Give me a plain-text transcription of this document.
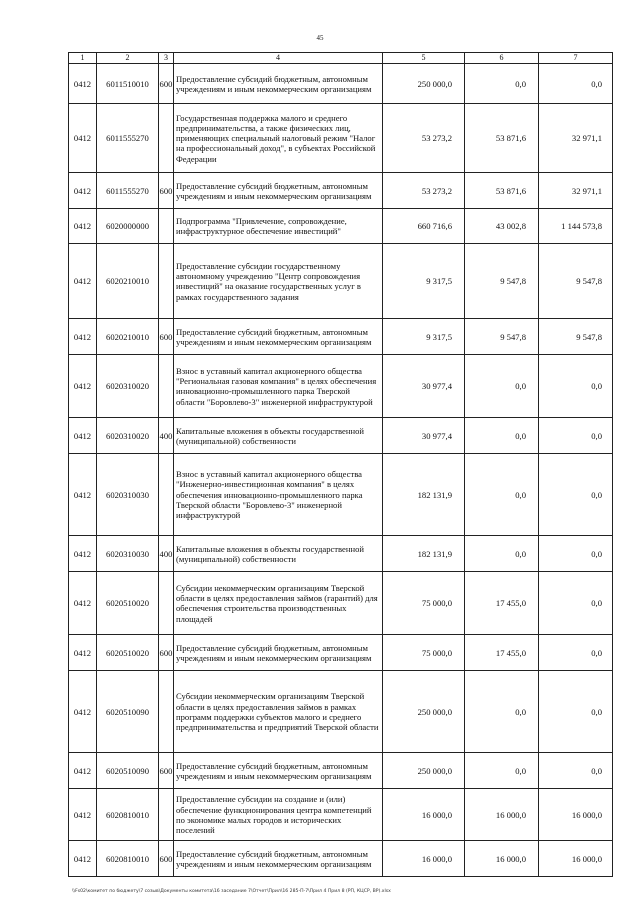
45
1	2	3	4	5	6	7
0412	6011510010	600	Предоставление субсидий бюджетным, автономным учреждениям и иным некоммерческим организациям	250 000,0	0,0	0,0
0412	6011555270		Государственная поддержка малого и среднего предпринимательства, а также физических лиц, применяющих специальный налоговый режим "Налог на профессиональный доход", в субъектах Российской Федерации	53 273,2	53 871,6	32 971,1
0412	6011555270	600	Предоставление субсидий бюджетным, автономным учреждениям и иным некоммерческим организациям	53 273,2	53 871,6	32 971,1
0412	6020000000		Подпрограмма "Привлечение, сопровождение, инфраструктурное обеспечение инвестиций"	660 716,6	43 002,8	1 144 573,8
0412	6020210010		Предоставление субсидии государственному автономному учреждению "Центр сопровождения инвестиций" на оказание государственных услуг в рамках государственного задания	9 317,5	9 547,8	9 547,8
0412	6020210010	600	Предоставление субсидий бюджетным, автономным учреждениям и иным некоммерческим организациям	9 317,5	9 547,8	9 547,8
0412	6020310020		Взнос в уставный капитал акционерного общества "Региональная газовая компания" в целях обеспечения инновационно-промышленного парка Тверской области "Боровлево-3" инженерной инфраструктурой	30 977,4	0,0	0,0
0412	6020310020	400	Капитальные вложения в объекты государственной (муниципальной) собственности	30 977,4	0,0	0,0
0412	6020310030		Взнос в уставный капитал акционерного общества "Инженерно-инвестиционная компания" в целях обеспечения инновационно-промышленного парка Тверской области "Боровлево-3" инженерной инфраструктурой	182 131,9	0,0	0,0
0412	6020310030	400	Капитальные вложения в объекты государственной (муниципальной) собственности	182 131,9	0,0	0,0
0412	6020510020		Субсидии некоммерческим организациям Тверской области в целях предоставления займов (гарантий) для обеспечения строительства производственных площадей	75 000,0	17 455,0	0,0
0412	6020510020	600	Предоставление субсидий бюджетным, автономным учреждениям и иным некоммерческим организациям	75 000,0	17 455,0	0,0
0412	6020510090		Субсидии некоммерческим организациям Тверской области в целях предоставления займов в рамках программ поддержки субъектов малого и среднего предпринимательства и предприятий Тверской области	250 000,0	0,0	0,0
0412	6020510090	600	Предоставление субсидий бюджетным, автономным учреждениям и иным некоммерческим организациям	250 000,0	0,0	0,0
0412	6020810010		Предоставление субсидии на создание и (или) обеспечение функционирования центра компетенций по экономике малых городов и исторических поселений	16 000,0	16 000,0	16 000,0
0412	6020810010	600	Предоставление субсидий бюджетным, автономным учреждениям и иным некоммерческим организациям	16 000,0	16 000,0	16 000,0
\\Fs02\комитет по бюджету\7 созыв\Документы комитета\16 заседание 7\Отчет\Прил\16 285-П-7\Прил 4 Прил 8 (РП, КЦСР, ВР).xlsx
